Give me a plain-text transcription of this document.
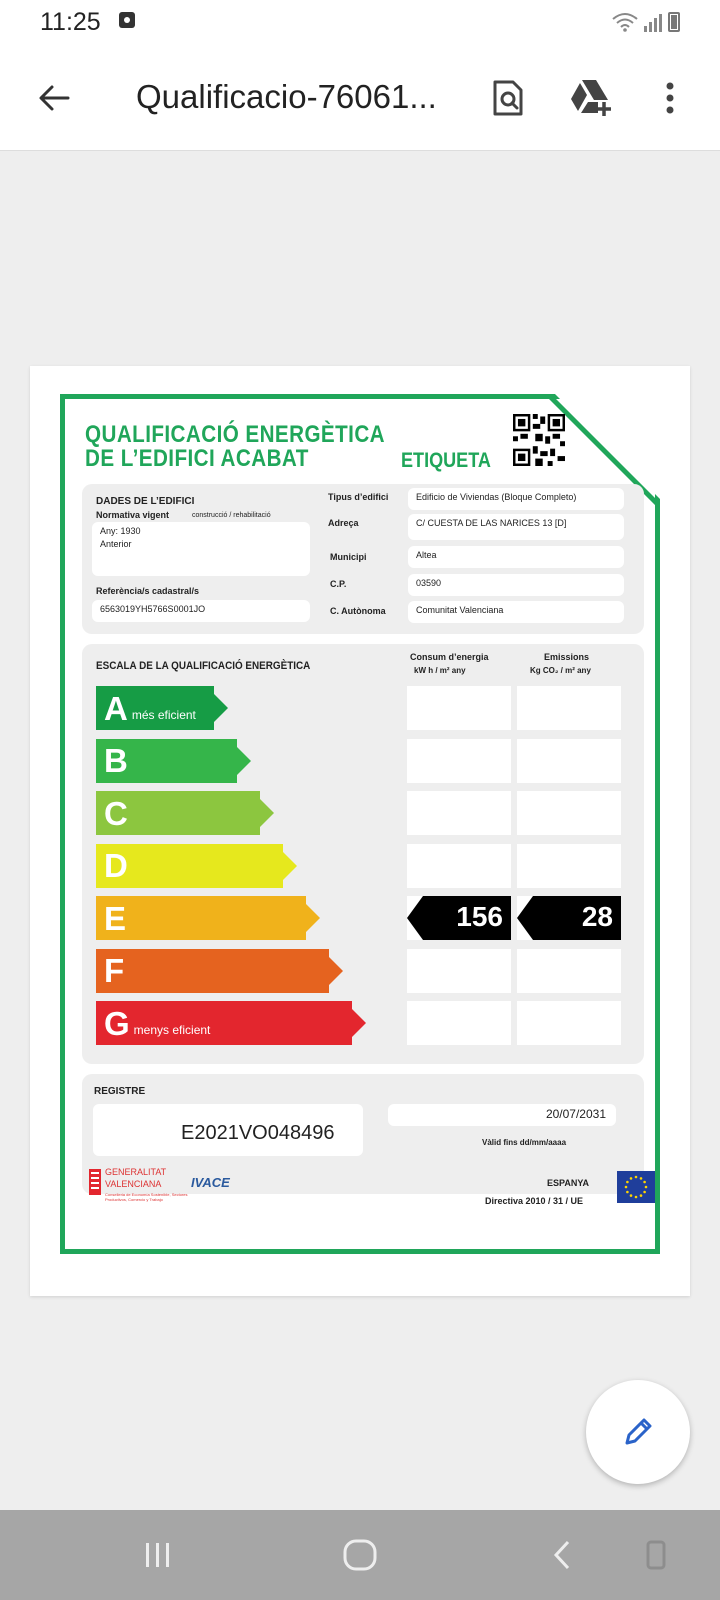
11:25
Qualificacio-76061...
QUALIFICACIÓ ENERGÈTICA
DE L’EDIFICI ACABAT	ETIQUETA
DADES DE L’EDIFICI
Normativa vigent	construcció / rehabilitació
Any: 1930
Anterior
Referència/s cadastral/s
6563019YH5766S0001JO
Tipus d’edifici	Edificio de Viviendas (Bloque Completo)
Adreça	C/ CUESTA DE LAS NARICES 13 [D]
Municipi	Altea
C.P.	03590
C. Autònoma	Comunitat Valenciana
ESCALA DE LA QUALIFICACIÓ ENERGÈTICA
Consum d’energia
kW h / m² any
Emissions
Kg CO₂ / m² any
A més eficient
B
C
D
E	156	28
F
G menys eficient
REGISTRE
E2021VO048496
20/07/2031
Vàlid fins dd/mm/aaaa
GENERALITAT
VALENCIANA
Conselleria de Economía Sostenible, Sectores Productivos, Comercio y Trabajo
IVACE	ESPANYA
Directiva 2010 / 31 / UE
